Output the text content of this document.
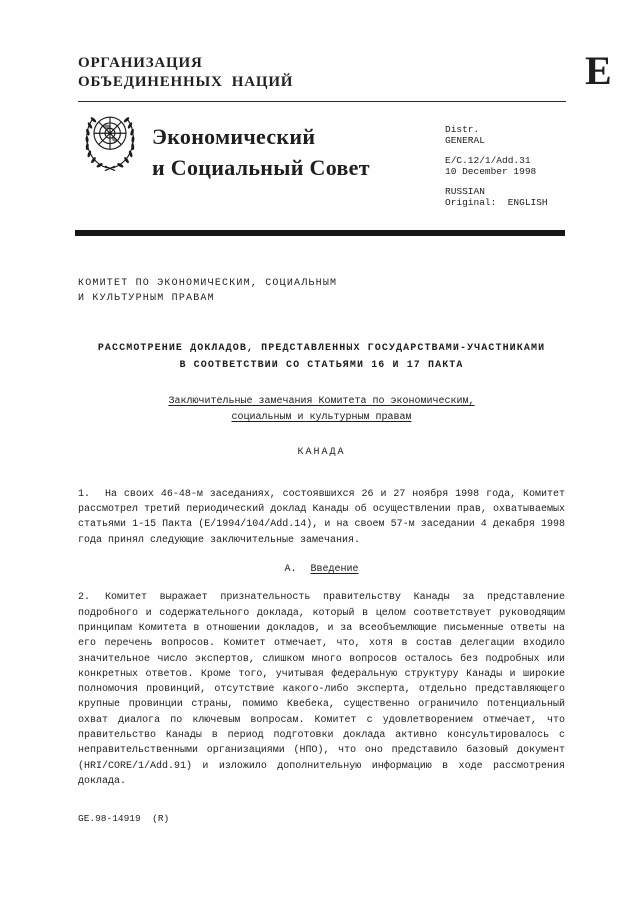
ОРГАНИЗАЦИЯ
ОБЪЕДИНЕННЫХ  НАЦИЙ	E
Экономический
и Социальный Совет
Distr.
GENERAL
E/C.12/1/Add.31
10 December 1998
RUSSIAN
Original:  ENGLISH
КОМИТЕТ ПО ЭКОНОМИЧЕСКИМ, СОЦИАЛЬНЫМ
И КУЛЬТУРНЫМ ПРАВАМ
РАССМОТРЕНИЕ ДОКЛАДОВ, ПРЕДСТАВЛЕННЫХ ГОСУДАРСТВАМИ-УЧАСТНИКАМИ
В СООТВЕТСТВИИ СО СТАТЬЯМИ 16 И 17 ПАКТА
Заключительные замечания Комитета по экономическим,
социальным и культурным правам
КАНАДА

1. На своих 46-48-м заседаниях, состоявшихся 26 и 27 ноября 1998 года, Комитет рассмотрел третий периодический доклад Канады об осуществлении прав, охватываемых статьями 1-15 Пакта (E/1994/104/Add.14), и на своем 57-м заседании 4 декабря 1998 года принял следующие заключительные замечания.

A. Введение

2. Комитет выражает признательность правительству Канады за представление подробного и содержательного доклада, который в целом соответствует руководящим принципам Комитета в отношении докладов, и за всеобъемлющие письменные ответы на его перечень вопросов. Комитет отмечает, что, хотя в состав делегации входило значительное число экспертов, слишком много вопросов осталось без подробных или конкретных ответов. Кроме того, учитывая федеральную структуру Канады и широкие полномочия провинций, отсутствие какого-либо эксперта, отдельно представляющего крупные провинции страны, помимо Квебека, существенно ограничило потенциальный охват диалога по ключевым вопросам. Комитет с удовлетворением отмечает, что правительство Канады в период подготовки доклада активно консультировалось с неправительственными организациями (НПО), что оно представило базовый документ (HRI/CORE/1/Add.91) и изложило дополнительную информацию в ходе рассмотрения доклада.

GE.98-14919  (R)
